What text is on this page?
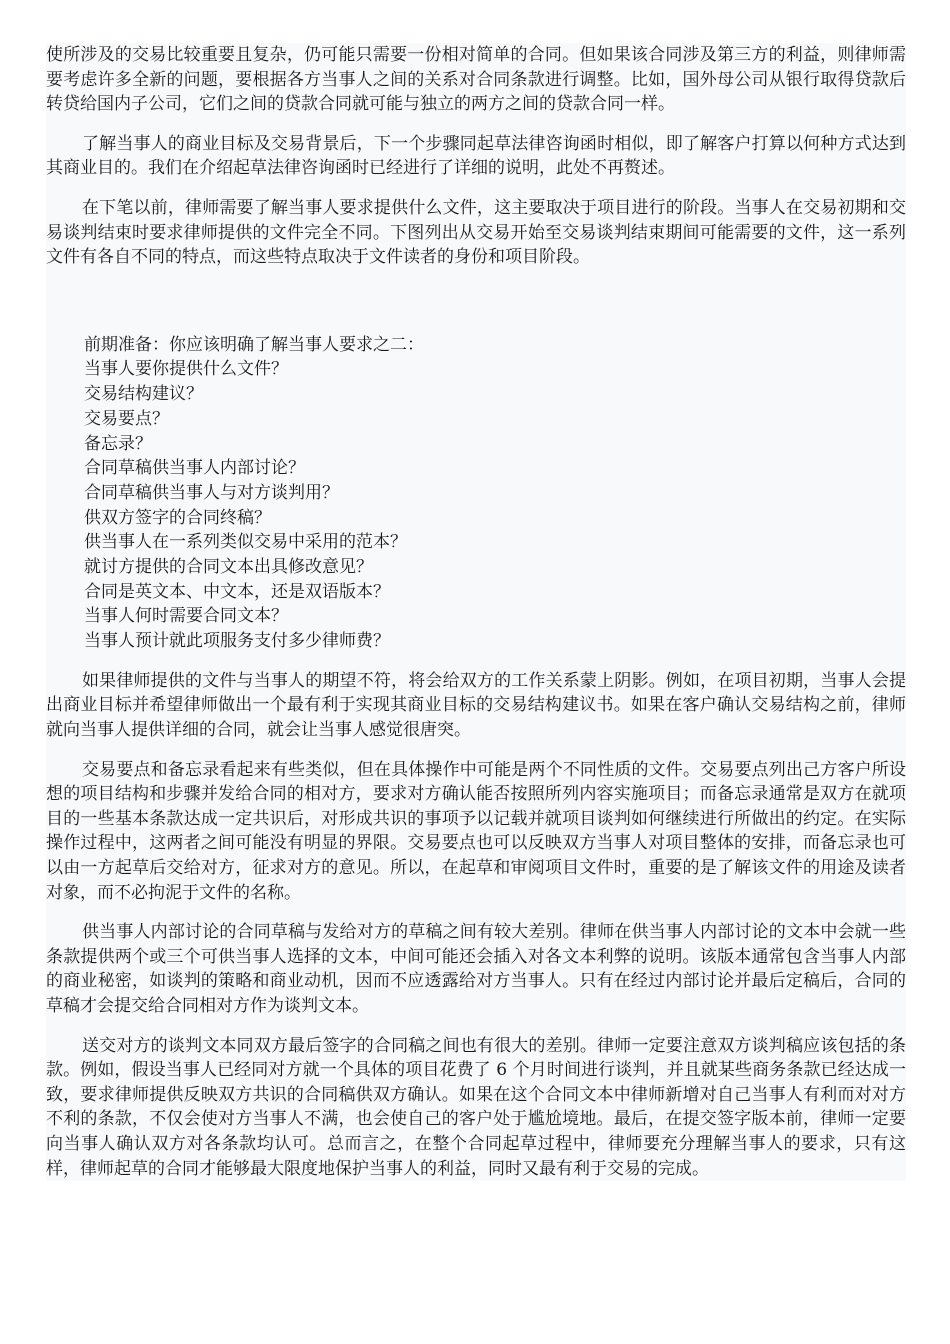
使所涉及的交易比较重要且复杂，仍可能只需要一份相对简单的合同。但如果该合同涉及第三方的利益，则律师需要考虑许多全新的问题，要根据各方当事人之间的关系对合同条款进行调整。比如，国外母公司从银行取得贷款后转贷给国内子公司，它们之间的贷款合同就可能与独立的两方之间的贷款合同一样。

了解当事人的商业目标及交易背景后，下一个步骤同起草法律咨询函时相似，即了解客户打算以何种方式达到其商业目的。我们在介绍起草法律咨询函时已经进行了详细的说明，此处不再赘述。

在下笔以前，律师需要了解当事人要求提供什么文件，这主要取决于项目进行的阶段。当事人在交易初期和交易谈判结束时要求律师提供的文件完全不同。下图列出从交易开始至交易谈判结束期间可能需要的文件，这一系列文件有各自不同的特点，而这些特点取决于文件读者的身份和项目阶段。

前期准备：你应该明确了解当事人要求之二：

当事人要你提供什么文件？
交易结构建议？
交易要点？
备忘录？
合同草稿供当事人内部讨论？
合同草稿供当事人与对方谈判用？
供双方签字的合同终稿？
供当事人在一系列类似交易中采用的范本？
就讨方提供的合同文本出具修改意见？
合同是英文本、中文本，还是双语版本？
当事人何时需要合同文本？
当事人预计就此项服务支付多少律师费？

如果律师提供的文件与当事人的期望不符，将会给双方的工作关系蒙上阴影。例如，在项目初期，当事人会提出商业目标并希望律师做出一个最有利于实现其商业目标的交易结构建议书。如果在客户确认交易结构之前，律师就向当事人提供详细的合同，就会让当事人感觉很唐突。

交易要点和备忘录看起来有些类似，但在具体操作中可能是两个不同性质的文件。交易要点列出己方客户所设想的项目结构和步骤并发给合同的相对方，要求对方确认能否按照所列内容实施项目；而备忘录通常是双方在就项目的一些基本条款达成一定共识后，对形成共识的事项予以记载并就项目谈判如何继续进行所做出的约定。在实际操作过程中，这两者之间可能没有明显的界限。交易要点也可以反映双方当事人对项目整体的安排，而备忘录也可以由一方起草后交给对方，征求对方的意见。所以，在起草和审阅项目文件时，重要的是了解该文件的用途及读者对象，而不必拘泥于文件的名称。

供当事人内部讨论的合同草稿与发给对方的草稿之间有较大差别。律师在供当事人内部讨论的文本中会就一些条款提供两个或三个可供当事人选择的文本，中间可能还会插入对各文本利弊的说明。该版本通常包含当事人内部的商业秘密，如谈判的策略和商业动机，因而不应透露给对方当事人。只有在经过内部讨论并最后定稿后，合同的草稿才会提交给合同相对方作为谈判文本。

送交对方的谈判文本同双方最后签字的合同稿之间也有很大的差别。律师一定要注意双方谈判稿应该包括的条款。例如，假设当事人已经同对方就一个具体的项目花费了 6 个月时间进行谈判，并且就某些商务条款已经达成一致，要求律师提供反映双方共识的合同稿供双方确认。如果在这个合同文本中律师新增对自己当事人有利而对对方不利的条款，不仅会使对方当事人不满，也会使自己的客户处于尴尬境地。最后，在提交签字版本前，律师一定要向当事人确认双方对各条款均认可。总而言之，在整个合同起草过程中，律师要充分理解当事人的要求，只有这样，律师起草的合同才能够最大限度地保护当事人的利益，同时又最有利于交易的完成。
